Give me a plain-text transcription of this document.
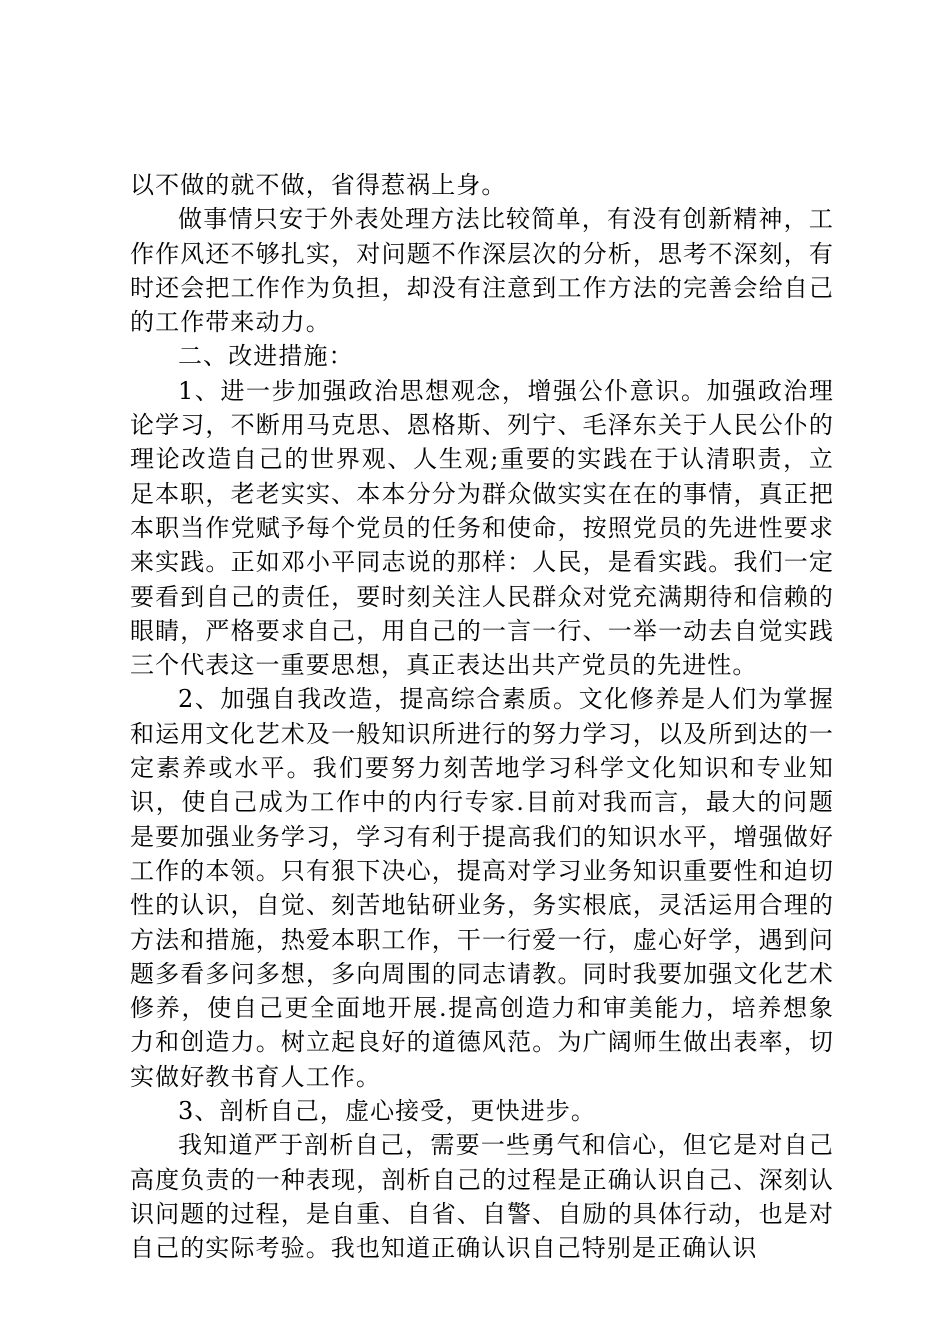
以不做的就不做，省得惹祸上身。

做事情只安于外表处理方法比较简单，有没有创新精神，工作作风还不够扎实，对问题不作深层次的分析，思考不深刻，有时还会把工作作为负担，却没有注意到工作方法的完善会给自己的工作带来动力。

二、改进措施：

1、进一步加强政治思想观念，增强公仆意识。加强政治理论学习，不断用马克思、恩格斯、列宁、毛泽东关于人民公仆的理论改造自己的世界观、人生观;重要的实践在于认清职责，立足本职，老老实实、本本分分为群众做实实在在的事情，真正把本职当作党赋予每个党员的任务和使命，按照党员的先进性要求来实践。正如邓小平同志说的那样：人民，是看实践。我们一定要看到自己的责任，要时刻关注人民群众对党充满期待和信赖的眼睛，严格要求自己，用自己的一言一行、一举一动去自觉实践三个代表这一重要思想，真正表达出共产党员的先进性。

2、加强自我改造，提高综合素质。文化修养是人们为掌握和运用文化艺术及一般知识所进行的努力学习，以及所到达的一定素养或水平。我们要努力刻苦地学习科学文化知识和专业知识，使自己成为工作中的内行专家.目前对我而言，最大的问题是要加强业务学习，学习有利于提高我们的知识水平，增强做好工作的本领。只有狠下决心，提高对学习业务知识重要性和迫切性的认识，自觉、刻苦地钻研业务，务实根底，灵活运用合理的方法和措施，热爱本职工作，干一行爱一行，虚心好学，遇到问题多看多问多想，多向周围的同志请教。同时我要加强文化艺术修养，使自己更全面地开展.提高创造力和审美能力，培养想象力和创造力。树立起良好的道德风范。为广阔师生做出表率，切实做好教书育人工作。

3、剖析自己，虚心接受，更快进步。

我知道严于剖析自己，需要一些勇气和信心，但它是对自己高度负责的一种表现，剖析自己的过程是正确认识自己、深刻认识问题的过程，是自重、自省、自警、自励的具体行动，也是对自己的实际考验。我也知道正确认识自己特别是正确认识
